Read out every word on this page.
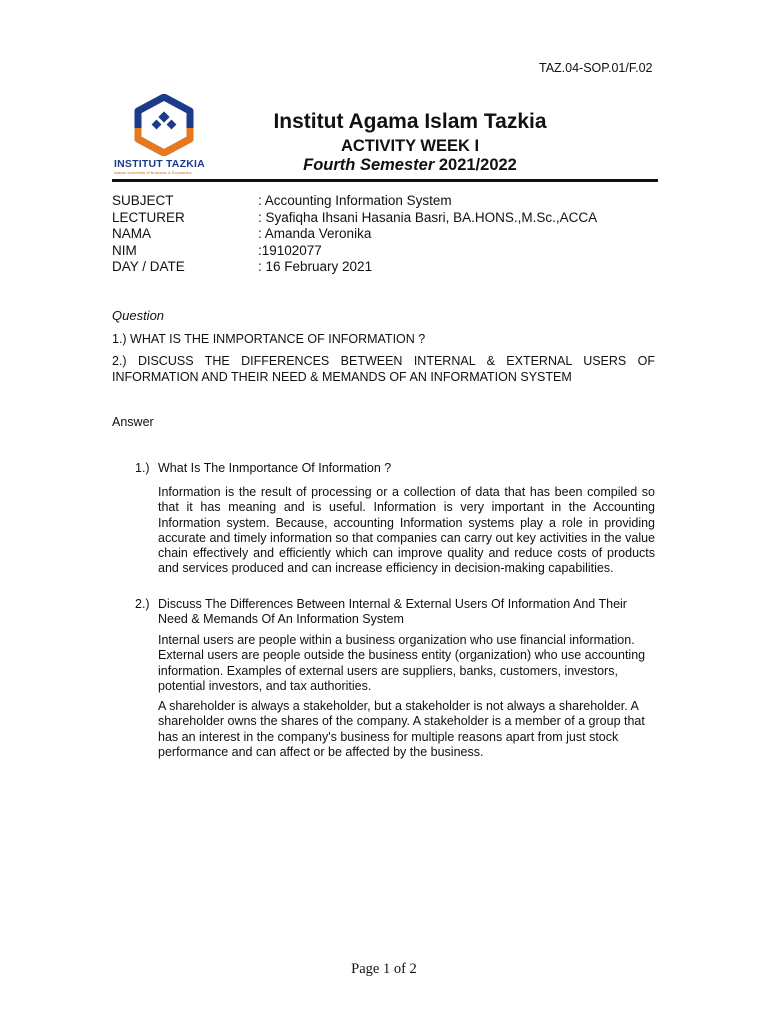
TAZ.04-SOP.01/F.02
INSTITUT TAZKIA
Islamic University of Business & Economics
Institut Agama Islam Tazkia
ACTIVITY WEEK I
Fourth Semester 2021/2022
SUBJECT	: Accounting Information System
LECTURER	: Syafiqha Ihsani Hasania Basri, BA.HONS.,M.Sc.,ACCA
NAMA	: Amanda Veronika
NIM	:19102077
DAY / DATE	: 16 February 2021
Question
1.) WHAT IS THE INMPORTANCE OF INFORMATION ?
2.) DISCUSS THE DIFFERENCES BETWEEN INTERNAL & EXTERNAL USERS OF INFORMATION AND THEIR NEED & MEMANDS OF AN INFORMATION SYSTEM
Answer
1.) What Is The Inmportance Of Information ?
Information is the result of processing or a collection of data that has been compiled so that it has meaning and is useful. Information is very important in the Accounting Information system. Because, accounting Information systems play a role in providing accurate and timely information so that companies can carry out key activities in the value chain effectively and efficiently which can improve quality and reduce costs of products and services produced and can increase efficiency in decision-making capabilities.
2.) Discuss The Differences Between Internal & External Users Of Information And Their Need & Memands Of An Information System
Internal users are people within a business organization who use financial information. External users are people outside the business entity (organization) who use accounting information. Examples of external users are suppliers, banks, customers, investors, potential investors, and tax authorities.
A shareholder is always a stakeholder, but a stakeholder is not always a shareholder. A shareholder owns the shares of the company. A stakeholder is a member of a group that has an interest in the company's business for multiple reasons apart from just stock performance and can affect or be affected by the business.
Page 1 of 2
